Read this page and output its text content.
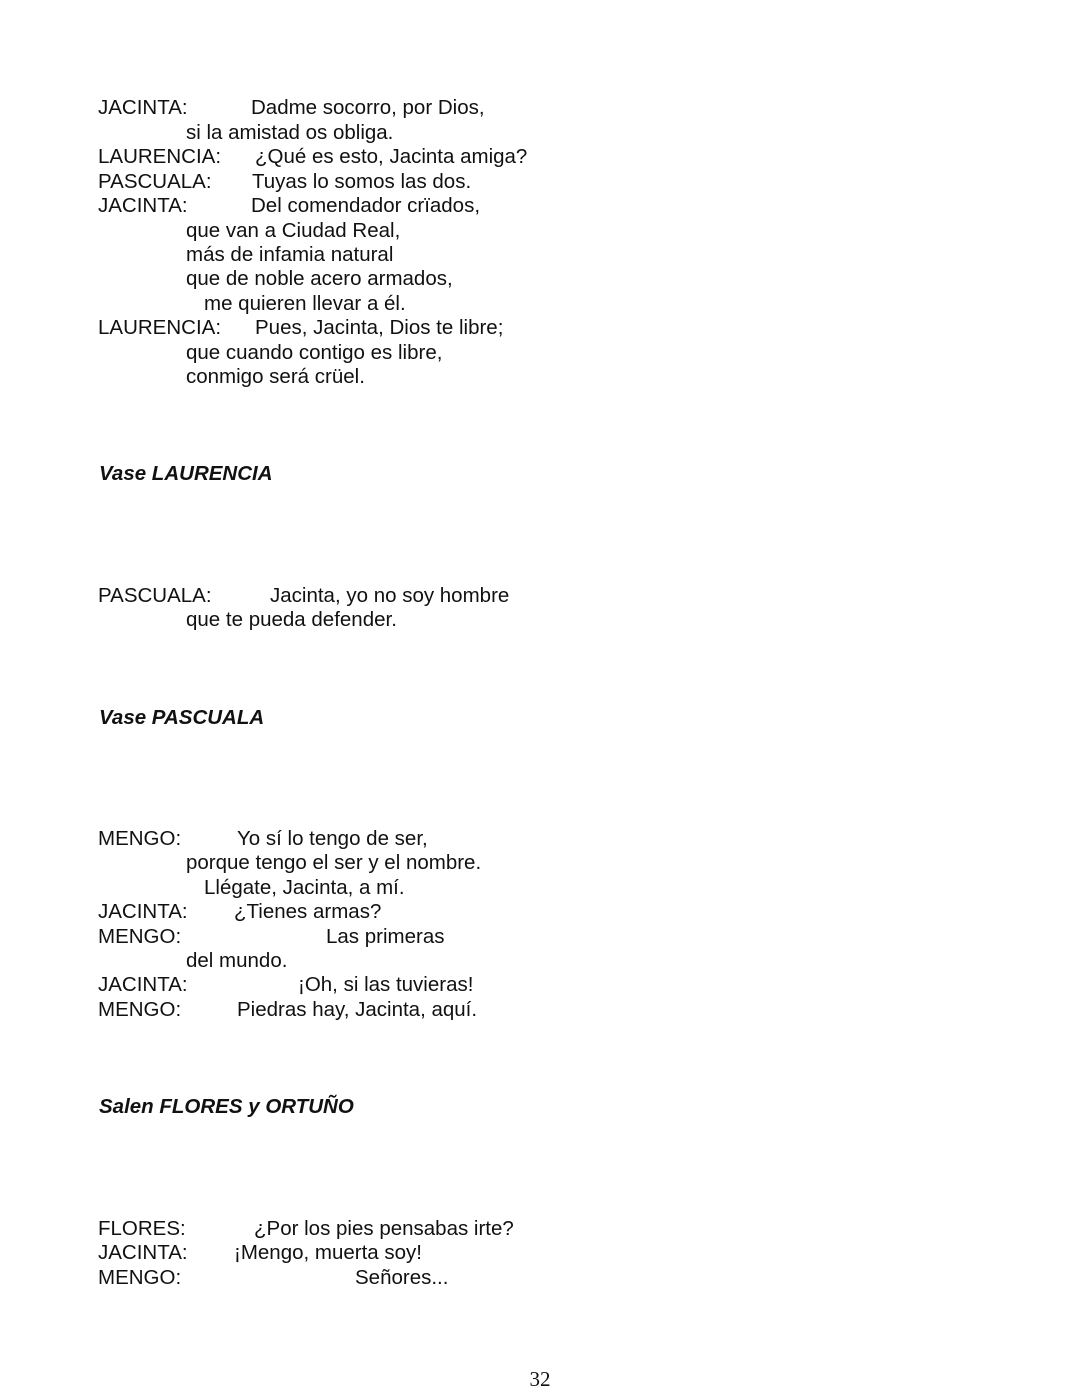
JACINTA:	Dadme socorro, por Dios,
si la amistad os obliga.
LAURENCIA: ¿Qué es esto, Jacinta amiga?
PASCUALA: Tuyas lo somos las dos.
JACINTA:	Del comendador crïados,
que van a Ciudad Real,
más de infamia natural
que de noble acero armados,
me quieren llevar a él.
LAURENCIA: Pues, Jacinta, Dios te libre;
que cuando contigo es libre,
conmigo será crüel.
Vase LAURENCIA
PASCUALA:	Jacinta, yo no soy hombre
que te pueda defender.
Vase PASCUALA
MENGO:	Yo sí lo tengo de ser,
porque tengo el ser y el nombre.
Llégate, Jacinta, a mí.
JACINTA: ¿Tienes armas?
MENGO:	Las primeras
del mundo.
JACINTA:	¡Oh, si las tuvieras!
MENGO:	Piedras hay, Jacinta, aquí.
Salen FLORES y ORTUÑO
FLORES:	¿Por los pies pensabas irte?
JACINTA: ¡Mengo, muerta soy!
MENGO:	Señores...
32
